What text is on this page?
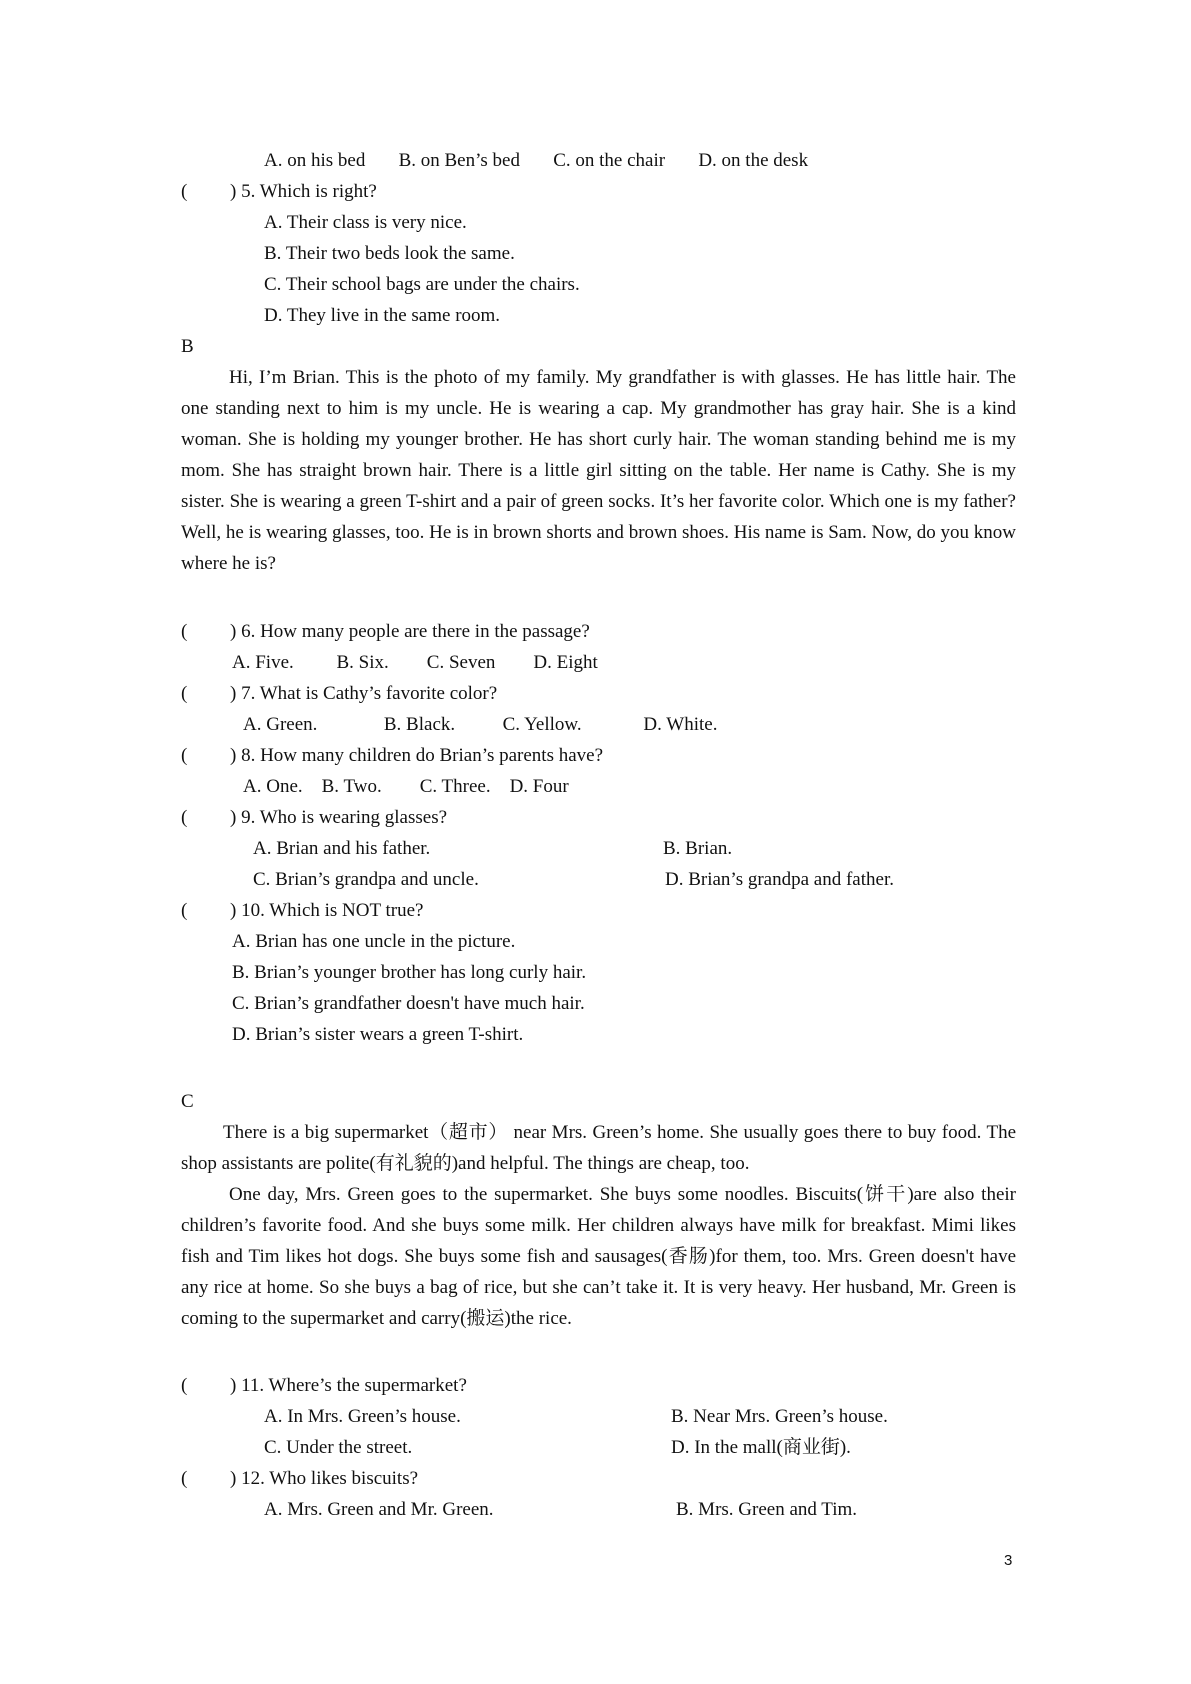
A. on his bed       B. on Ben’s bed       C. on the chair       D. on the desk
( ) 5. Which is right?
A. Their class is very nice.
B. Their two beds look the same.
C. Their school bags are under the chairs.
D. They live in the same room.
B
Hi, I’m Brian. This is the photo of my family. My grandfather is with glasses. He has little hair. The one standing next to him is my uncle. He is wearing a cap. My grandmother has gray hair. She is a kind woman. She is holding my younger brother. He has short curly hair. The woman standing behind me is my mom. She has straight brown hair. There is a little girl sitting on the table. Her name is Cathy. She is my sister. She is wearing a green T-shirt and a pair of green socks. It’s her favorite color. Which one is my father? Well, he is wearing glasses, too. He is in brown shorts and brown shoes. His name is Sam. Now, do you know where he is?
( ) 6. How many people are there in the passage?
A. Five.         B. Six.        C. Seven        D. Eight
( ) 7. What is Cathy’s favorite color?
A. Green.              B. Black.          C. Yellow.             D. White.
( ) 8. How many children do Brian’s parents have?
A. One.    B. Two.        C. Three.    D. Four
( ) 9. Who is wearing glasses?
A. Brian and his father.	B. Brian.
C. Brian’s grandpa and uncle.	D. Brian’s grandpa and father.
( ) 10. Which is NOT true?
A. Brian has one uncle in the picture.
B. Brian’s younger brother has long curly hair.
C. Brian’s grandfather doesn't have much hair.
D. Brian’s sister wears a green T-shirt.
C
There is a big supermarket（超市） near Mrs. Green’s home. She usually goes there to buy food. The shop assistants are polite(有礼貌的)and helpful. The things are cheap, too.
One day, Mrs. Green goes to the supermarket. She buys some noodles. Biscuits(饼干)are also their children’s favorite food. And she buys some milk. Her children always have milk for breakfast. Mimi likes fish and Tim likes hot dogs. She buys some fish and sausages(香肠)for them, too. Mrs. Green doesn't have any rice at home. So she buys a bag of rice, but she can’t take it. It is very heavy. Her husband, Mr. Green is coming to the supermarket and carry(搬运)the rice.
( ) 11. Where’s the supermarket?
A. In Mrs. Green’s house.	B. Near Mrs. Green’s house.
C. Under the street.	D. In the mall(商业街).
( ) 12. Who likes biscuits?
A. Mrs. Green and Mr. Green.	B. Mrs. Green and Tim.
3
